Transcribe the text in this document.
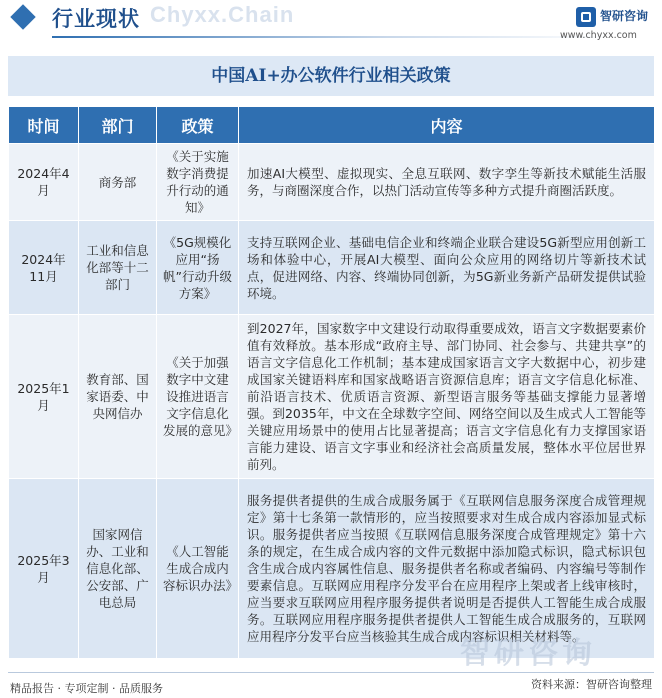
行业现状 Chyxx.Chain	智研咨询
www.chyxx.com
中国AI+办公软件行业相关政策
时间	部门	政策	内容
2024年4月	商务部	《关于实施数字消费提升行动的通知》	加速AI大模型、虚拟现实、全息互联网、数字孪生等新技术赋能生活服务，与商圈深度合作，以热门活动宣传等多种方式提升商圈活跃度。
2024年11月	工业和信息化部等十二部门	《5G规模化应用“扬帆”行动升级方案》	支持互联网企业、基础电信企业和终端企业联合建设5G新型应用创新工场和体验中心，开展AI大模型、面向公众应用的网络切片等新技术试点，促进网络、内容、终端协同创新，为5G新业务新产品研发提供试验环境。
2025年1月	教育部、国家语委、中央网信办	《关于加强数字中文建设推进语言文字信息化发展的意见》	到2027年，国家数字中文建设行动取得重要成效，语言文字数据要素价值有效释放。基本形成“政府主导、部门协同、社会参与、共建共享”的语言文字信息化工作机制；基本建成国家语言文字大数据中心，初步建成国家关键语料库和国家战略语言资源信息库；语言文字信息化标准、前沿语言技术、优质语言资源、新型语言服务等基础支撑能力显著增强。到2035年，中文在全球数字空间、网络空间以及生成式人工智能等关键应用场景中的使用占比显著提高；语言文字信息化有力支撑国家语言能力建设、语言文字事业和经济社会高质量发展，整体水平位居世界前列。
2025年3月	国家网信办、工业和信息化部、公安部、广电总局	《人工智能生成合成内容标识办法》	服务提供者提供的生成合成服务属于《互联网信息服务深度合成管理规定》第十七条第一款情形的，应当按照要求对生成合成内容添加显式标识。服务提供者应当按照《互联网信息服务深度合成管理规定》第十六条的规定，在生成合成内容的文件元数据中添加隐式标识，隐式标识包含生成合成内容属性信息、服务提供者名称或者编码、内容编号等制作要素信息。互联网应用程序分发平台在应用程序上架或者上线审核时，应当要求互联网应用程序服务提供者说明是否提供人工智能生成合成服务。互联网应用程序服务提供者提供人工智能生成合成服务的，互联网应用程序分发平台应当核验其生成合成内容标识相关材料等。
智研咨询
精品报告 · 专项定制 · 品质服务	资料来源：智研咨询整理
